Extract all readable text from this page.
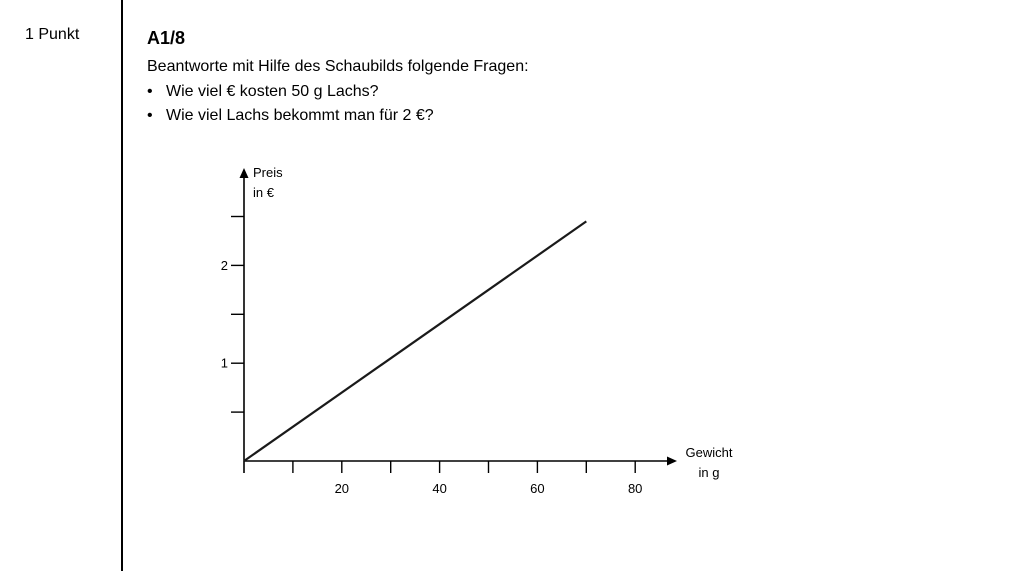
1 Punkt	A1/8
Beantworte mit Hilfe des Schaubilds folgende Fragen:
• Wie viel € kosten 50 g Lachs?
• Wie viel Lachs bekommt man für 2 €?
20	40	60	80
1
2
Preis in €
Gewicht in g
